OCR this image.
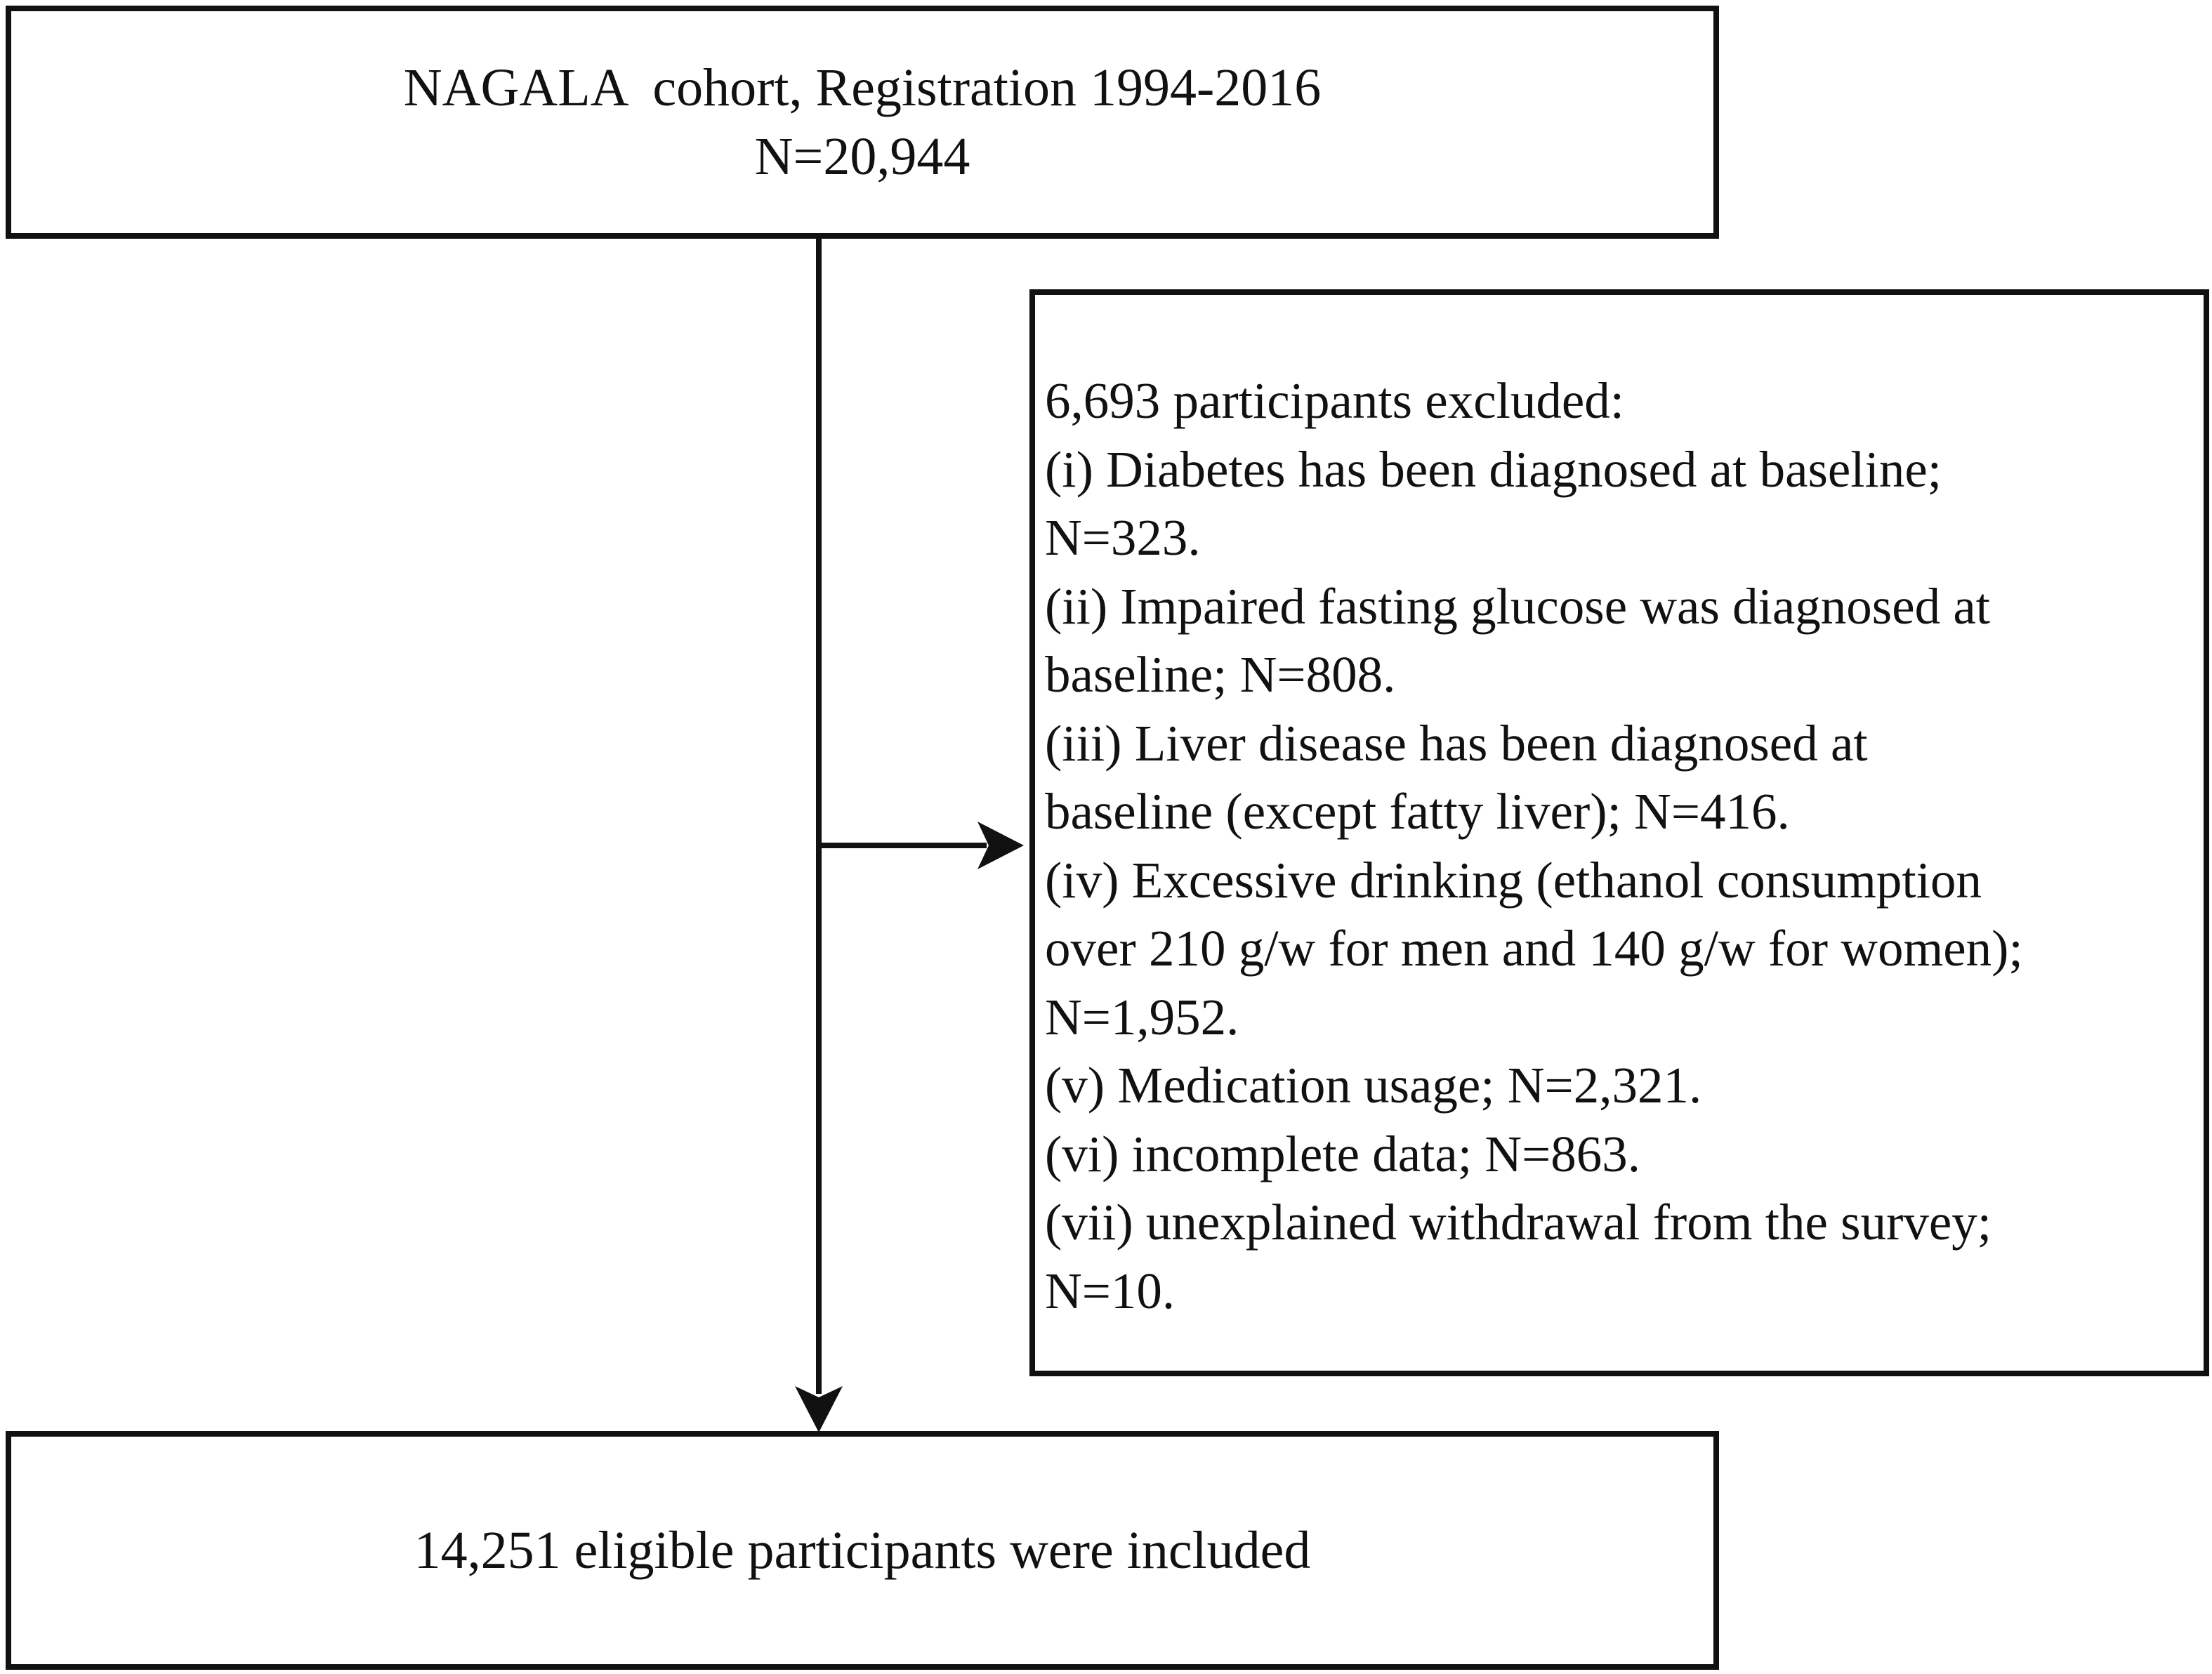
NAGALA  cohort, Registration 1994-2016
N=20,944
6,693 participants excluded:
(i) Diabetes has been diagnosed at baseline;
N=323.
(ii) Impaired fasting glucose was diagnosed at
baseline; N=808.
(iii) Liver disease has been diagnosed at
baseline (except fatty liver); N=416.
(iv) Excessive drinking (ethanol consumption
over 210 g/w for men and 140 g/w for women);
N=1,952.
(v) Medication usage; N=2,321.
(vi) incomplete data; N=863.
(vii) unexplained withdrawal from the survey;
N=10.
14,251 eligible participants were included
